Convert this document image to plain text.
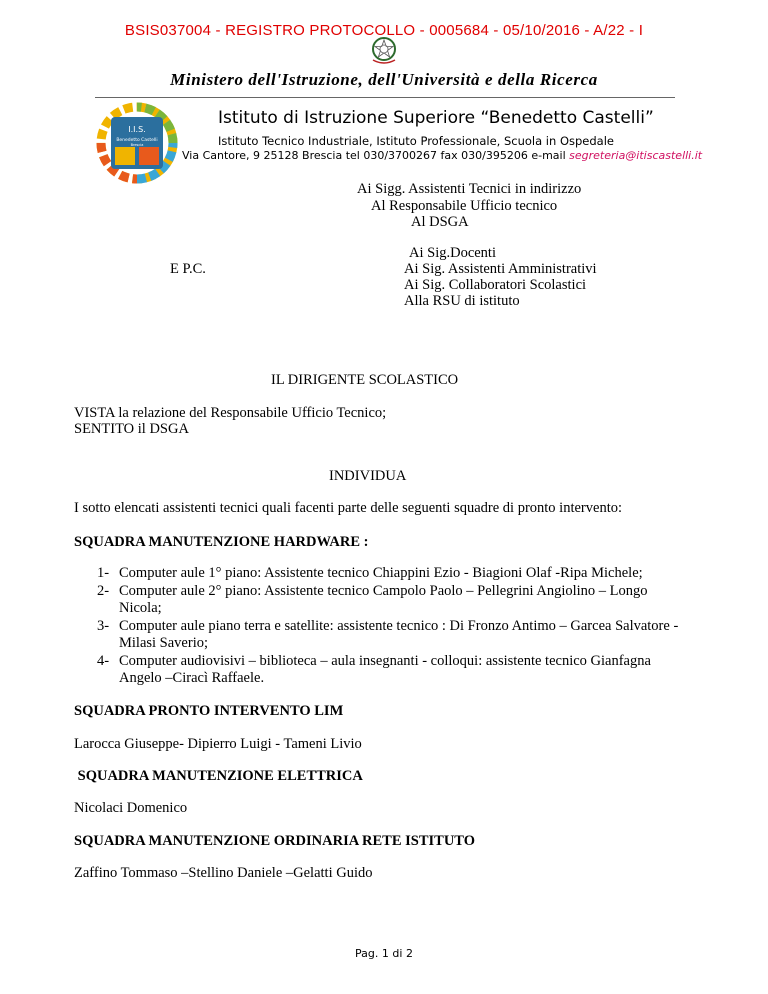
BSIS037004 - REGISTRO PROTOCOLLO - 0005684 - 05/10/2016 - A/22 - I
Ministero dell'Istruzione, dell'Università e della Ricerca
I.I.S.
Benedetto Castelli
Brescia
Istituto di Istruzione Superiore “Benedetto Castelli”
Istituto Tecnico Industriale, Istituto Professionale, Scuola in Ospedale
Via Cantore, 9 25128 Brescia tel 030/3700267 fax 030/395206 e-mail segreteria@itiscastelli.it
Ai Sigg. Assistenti Tecnici in indirizzo
Al Responsabile Ufficio tecnico
Al DSGA
E P.C.
Ai Sig.Docenti
Ai Sig. Assistenti Amministrativi
Ai Sig. Collaboratori Scolastici
Alla RSU di istituto
IL DIRIGENTE SCOLASTICO
VISTA la relazione del Responsabile Ufficio Tecnico;
SENTITO il DSGA
INDIVIDUA
I sotto elencati assistenti tecnici quali facenti parte delle seguenti squadre di pronto intervento:
SQUADRA MANUTENZIONE HARDWARE :
1- Computer aule 1° piano: Assistente tecnico Chiappini Ezio - Biagioni Olaf -Ripa Michele;
2- Computer aule 2° piano: Assistente tecnico Campolo Paolo – Pellegrini Angiolino – Longo Nicola;
3- Computer aule piano terra e satellite: assistente tecnico : Di Fronzo Antimo – Garcea Salvatore - Milasi Saverio;
4- Computer audiovisivi – biblioteca – aula insegnanti - colloqui: assistente tecnico Gianfagna Angelo –Ciracì Raffaele.
SQUADRA PRONTO INTERVENTO LIM
Larocca Giuseppe- Dipierro Luigi - Tameni Livio
SQUADRA MANUTENZIONE ELETTRICA
Nicolaci Domenico
SQUADRA MANUTENZIONE ORDINARIA RETE ISTITUTO
Zaffino Tommaso –Stellino Daniele –Gelatti Guido
Pag. 1 di 2
